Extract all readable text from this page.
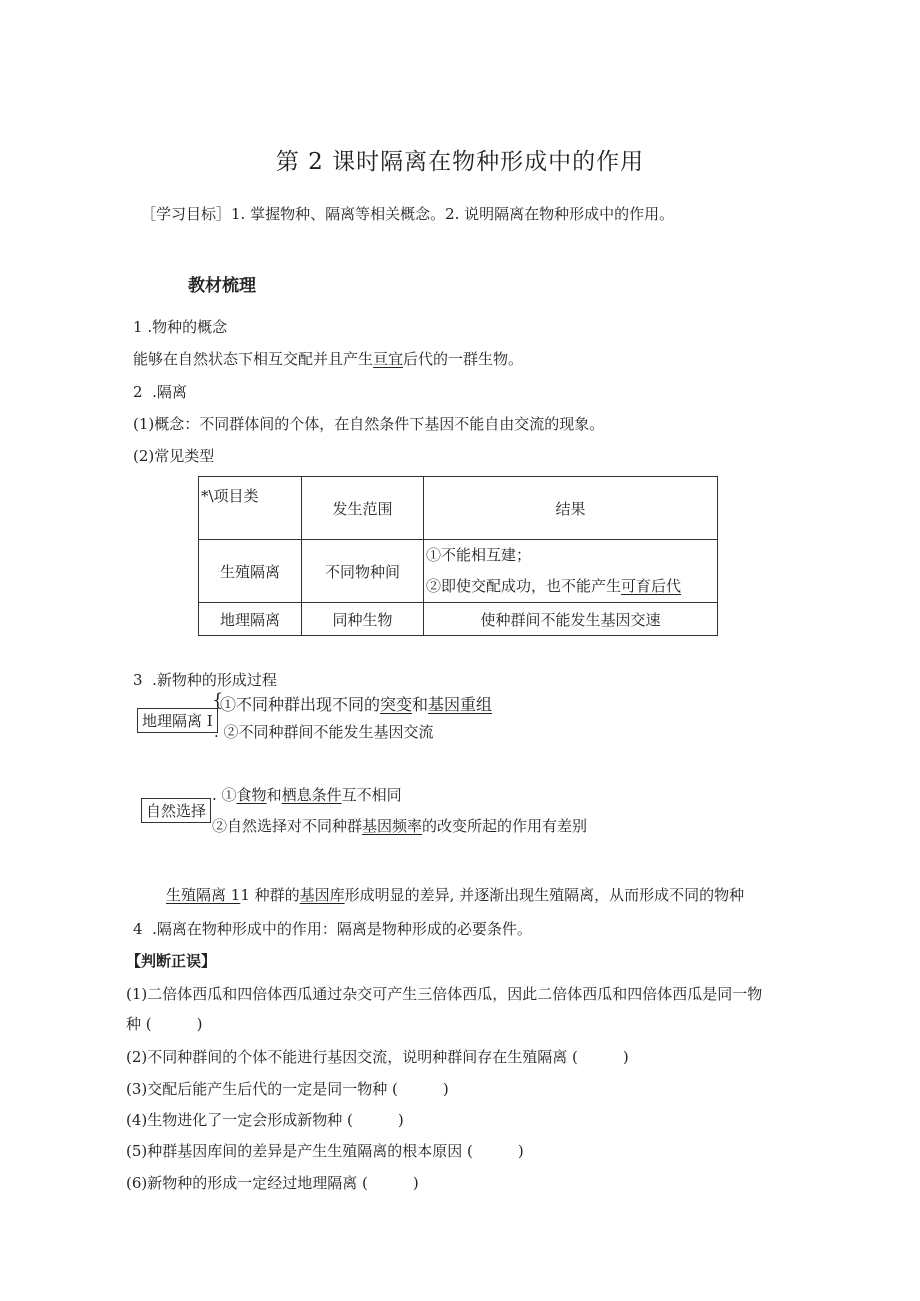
第 2 课时隔离在物种形成中的作用
［学习目标］1. 掌握物种、隔离等相关概念。2. 说明隔离在物种形成中的作用。
教材梳理
1 .物种的概念
能够在自然状态下相互交配并且产生亘宜后代的一群生物。
2 .隔离
(1)概念：不同群体间的个体，在自然条件下基因不能自由交流的现象。
(2)常见类型
*\项目类	发生范围	结果
生殖隔离	不同物种间	①不能相互建；
②即使交配成功，也不能产生可育后代

地理隔离	同种生物	使种群间不能发生基因交速
3 .新物种的形成过程
地理隔离 I
{
①不同种群出现不同的突变和基因重组
. ②不同种群间不能发生基因交流
自然选择
. ①食物和栖息条件互不相同
②自然选择对不同种群基因频率的改变所起的作用有差别
生殖隔离 11 种群的基因库形成明显的差异, 并逐渐出现生殖隔离，从而形成不同的物种
4 .隔离在物种形成中的作用：隔离是物种形成的必要条件。
【判断正误】
(1)二倍体西瓜和四倍体西瓜通过杂交可产生三倍体西瓜，因此二倍体西瓜和四倍体西瓜是同一物
种 (　　　)
(2)不同种群间的个体不能进行基因交流，说明种群间存在生殖隔离 (　　　)
(3)交配后能产生后代的一定是同一物种 (　　　)
(4)生物进化了一定会形成新物种 (　　　)
(5)种群基因库间的差异是产生生殖隔离的根本原因 (　　　)
(6)新物种的形成一定经过地理隔离 (　　　)
